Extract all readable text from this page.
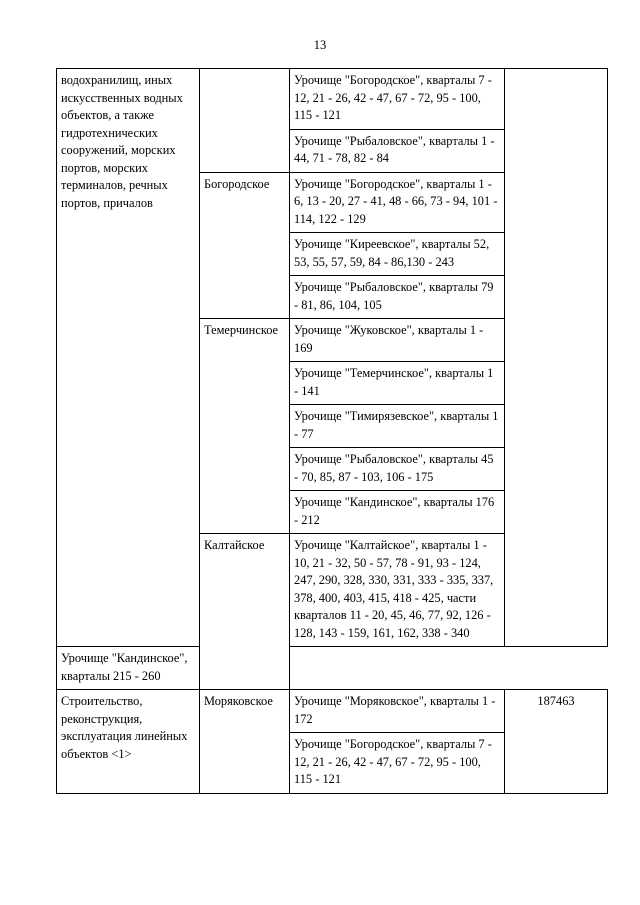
13
водохранилищ, иных искусственных водных объектов, а также гидротехнических сооружений, морских портов, морских терминалов, речных портов, причалов		Урочище "Богородское", кварталы 7 - 12, 21 - 26, 42 - 47, 67 - 72, 95 - 100, 115 - 121	
		Урочище "Рыбаловское", кварталы 1 - 44, 71 - 78, 82 - 84	
	Богородское	Урочище "Богородское", кварталы 1 - 6, 13 - 20, 27 - 41, 48 - 66, 73 - 94, 101 - 114, 122 - 129	
		Урочище "Киреевское", кварталы 52, 53, 55, 57, 59, 84 - 86,130 - 243	
		Урочище "Рыбаловское", кварталы 79 - 81, 86, 104, 105	
	Темерчинское	Урочище "Жуковское", кварталы 1 - 169	
		Урочище "Темерчинское", кварталы 1 - 141	
		Урочище "Тимирязевское", кварталы 1 - 77	
		Урочище "Рыбаловское", кварталы 45 - 70, 85, 87 - 103, 106 - 175	
		Урочище "Кандинское", кварталы 176 - 212	
	Калтайское	Урочище "Калтайское", кварталы 1 - 10, 21 - 32, 50 - 57, 78 - 91, 93 - 124, 247, 290, 328, 330, 331, 333 - 335, 337, 378, 400, 403, 415, 418 - 425, части кварталов 11 - 20, 45, 46, 77, 92, 126 - 128, 143 - 159, 161, 162, 338 - 340	
Урочище "Кандинское", кварталы 215 - 260			
Строительство, реконструкция, эксплуатация линейных объектов <1>	Моряковское	Урочище "Моряковское", кварталы 1 - 172	187463
		Урочище "Богородское", кварталы 7 - 12, 21 - 26, 42 - 47, 67 - 72, 95 - 100, 115 - 121	
